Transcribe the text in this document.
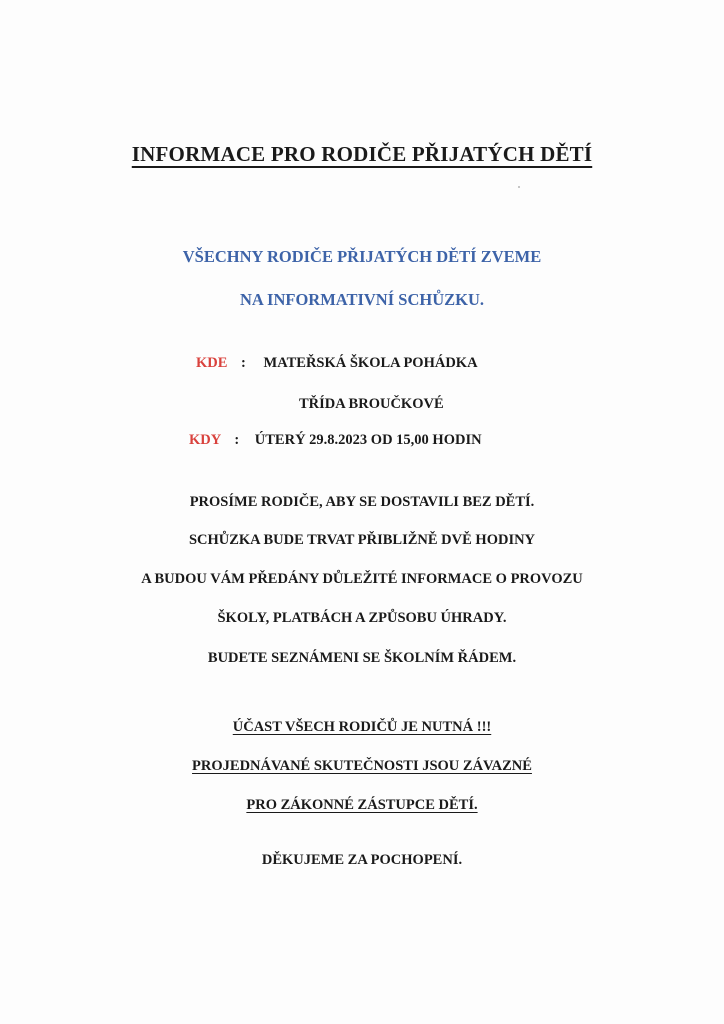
INFORMACE PRO RODIČE PŘIJATÝCH DĚTÍ
VŠECHNY RODIČE PŘIJATÝCH DĚTÍ ZVEME
NA INFORMATIVNÍ SCHŮZKU.
KDE : MATEŘSKÁ ŠKOLA POHÁDKA
TŘÍDA BROUČKOVÉ
KDY : ÚTERÝ 29.8.2023 OD 15,00 HODIN
PROSÍME RODIČE, ABY SE DOSTAVILI BEZ DĚTÍ.
SCHŮZKA BUDE TRVAT PŘIBLIŽNĚ DVĚ HODINY
A BUDOU VÁM PŘEDÁNY DŮLEŽITÉ INFORMACE O PROVOZU
ŠKOLY, PLATBÁCH A ZPŮSOBU ÚHRADY.
BUDETE SEZNÁMENI SE ŠKOLNÍM ŘÁDEM.
ÚČAST VŠECH RODIČŮ JE NUTNÁ !!!
PROJEDNÁVANÉ SKUTEČNOSTI JSOU ZÁVAZNÉ
PRO ZÁKONNÉ ZÁSTUPCE DĚTÍ.
DĚKUJEME ZA POCHOPENÍ.
